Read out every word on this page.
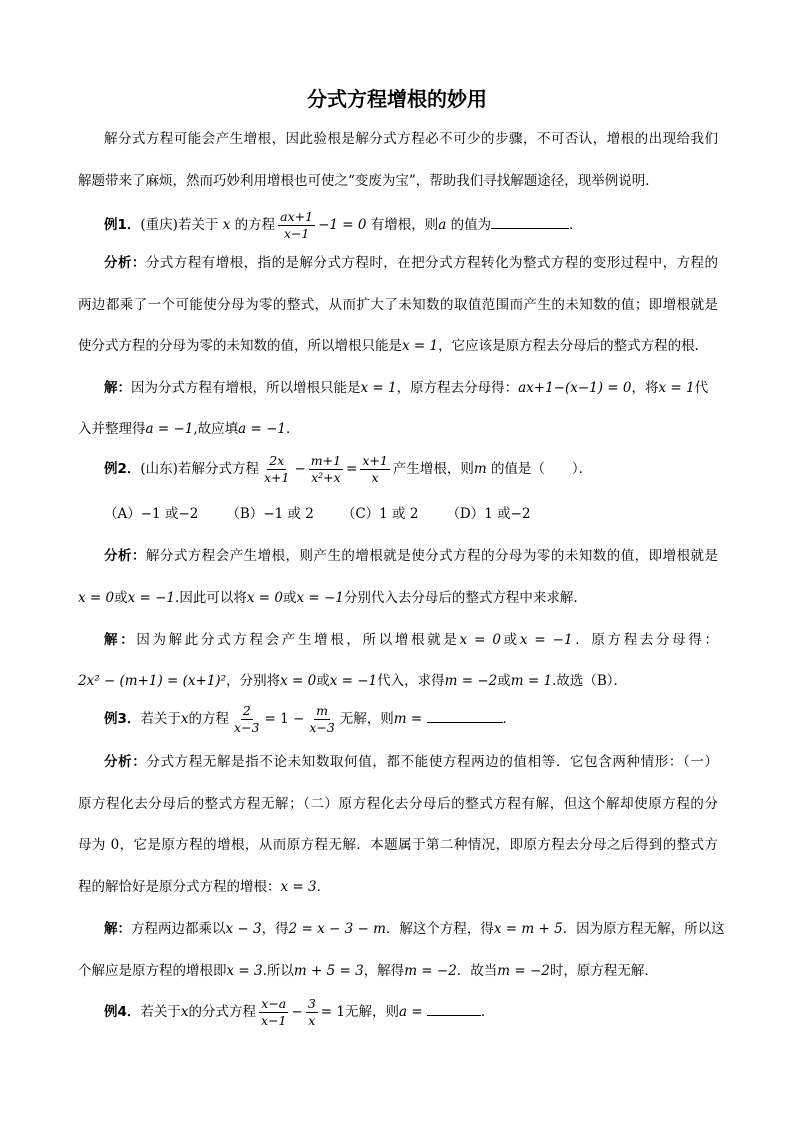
分式方程增根的妙用
解分式方程可能会产生增根，因此验根是解分式方程必不可少的步骤，不可否认，增根的出现给我们
解题带来了麻烦，然而巧妙利用增根也可使之“变废为宝”，帮助我们寻找解题途径，现举例说明．
例1．(重庆)若关于 x 的方程 $\frac{ax+1}{x-1} -1 = 0$ 有增根，则a 的值为	．
分析：分式方程有增根，指的是解分式方程时，在把分式方程转化为整式方程的变形过程中，方程的
两边都乘了一个可能使分母为零的整式，从而扩大了未知数的取值范围而产生的未知数的值；即增根就是
使分式方程的分母为零的未知数的值，所以增根只能是x = 1，它应该是原方程去分母后的整式方程的根.
解：因为分式方程有增根，所以增根只能是x = 1，原方程去分母得：ax+1−(x−1) = 0，将x = 1代
入并整理得a = −1,故应填a = −1．
例2．(山东)若解分式方程 $\frac{2x}{x+1} - \frac{m+1}{\text{x²+x}} = \frac{x+1}{x}$ 产生增根，则m 的值是（　　）．
（A）−1 或−2 （B）−1 或 2 （C）1 或 2 （D）1 或−2
分析：解分式方程会产生增根，则产生的增根就是使分式方程的分母为零的未知数的值，即增根就是
x = 0或x = −1.因此可以将x = 0或x = −1分别代入去分母后的整式方程中来求解.
解：因为解此分式方程会产生增根，所以增根就是x = 0或x = −1．原方程去分母得：
2x² − (m+1) = (x+1)²，分别将x = 0或x = −1代入，求得m = −2或m = 1.故选（B）．
例3．若关于x的方程 $\frac{2}{x-3} = 1 - \frac{m}{x-3}$ 无解，则m =	．
分析：分式方程无解是指不论未知数取何值，都不能使方程两边的值相等．它包含两种情形：（一）
原方程化去分母后的整式方程无解；（二）原方程化去分母后的整式方程有解，但这个解却使原方程的分
母为 0，它是原方程的增根，从而原方程无解．本题属于第二种情况，即原方程去分母之后得到的整式方
程的解恰好是原分式方程的增根：x = 3．
解：方程两边都乘以x − 3，得2 = x − 3 − m．解这个方程，得x = m + 5．因为原方程无解，所以这
个解应是原方程的增根即x = 3.所以m + 5 = 3，解得m = −2．故当m = −2时，原方程无解．
例4．若关于x的分式方程 $\frac{x-a}{x-1} - \frac{3}{x} = 1$无解，则a =	．
